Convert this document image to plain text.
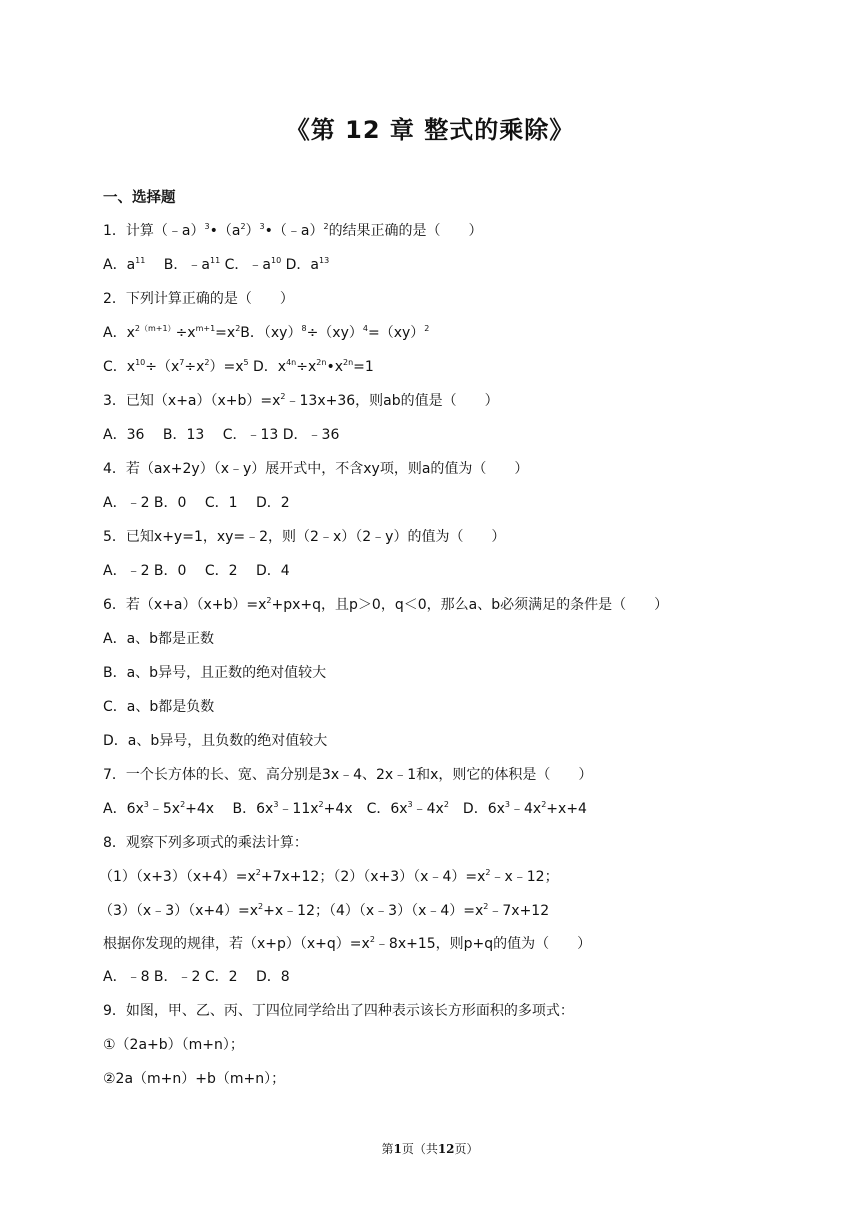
《第 12 章 整式的乘除》
一、选择题
1．计算$(﹣a)^3•(a^2)^3•(﹣a)^2$的结果正确的是（　　）
A．$a^{11}$　 B．$﹣a^{11}$ C．$﹣a^{10}$ D．$a^{13}$
2．下列计算正确的是（　　）
A．$x^{2(m+1)}\div x^{m+1}=x^2B$．（xy）$^8$÷（xy）$^4$=（xy）$^2$
C．$x^{10}\div(x^7\div x^2)=x^5$ D．$x^{4n}\div x^{2n}•x^{2n}=1$
3．已知$(x+a)(x+b)=x^2﹣13x+36$，则ab的值是（　　）
A．36　 B．13　 C．﹣13 D．﹣36
4．若（ax+2y）（x﹣y）展开式中，不含xy项，则a的值为（　　）
A．﹣2 B．0　 C．1　 D．2
5．已知x+y=1，xy=﹣2，则（2﹣x）（2﹣y）的值为（　　）
A．﹣2 B．0　 C．2　 D．4
6．若$(x+a)(x+b)=x^2+px+q$，且p＞0，q＜0，那么a、b必须满足的条件是（　　）
A．a、b都是正数
B．a、b异号，且正数的绝对值较大
C．a、b都是负数
D．a、b异号，且负数的绝对值较大
7．一个长方体的长、宽、高分别是3x﹣4、2x﹣1和x，则它的体积是（　　）
A．$6x^3﹣5x^2+4x$　 B．$6x^3﹣11x^2+4x$　C．$6x^3﹣4x^2$　D．$6x^3﹣4x^2+x+4$
8．观察下列多项式的乘法计算：
$(1)(x+3)(x+4)=x^2+7x+12$；$(2)(x+3)(x﹣4)=x^2﹣x﹣12$；
$(3)(x﹣3)(x+4)=x^2+x﹣12$；$(4)(x﹣3)(x﹣4)=x^2﹣7x+12$
根据你发现的规律，若$(x+p)(x+q)=x^2﹣8x+15$，则p+q的值为（　　）
A．﹣8 B．﹣2 C．2　 D．8
9．如图，甲、乙、丙、丁四位同学给出了四种表示该长方形面积的多项式：
①（2a+b）（m+n）；
②2a（m+n）+b（m+n）；
第1页（共12页）
